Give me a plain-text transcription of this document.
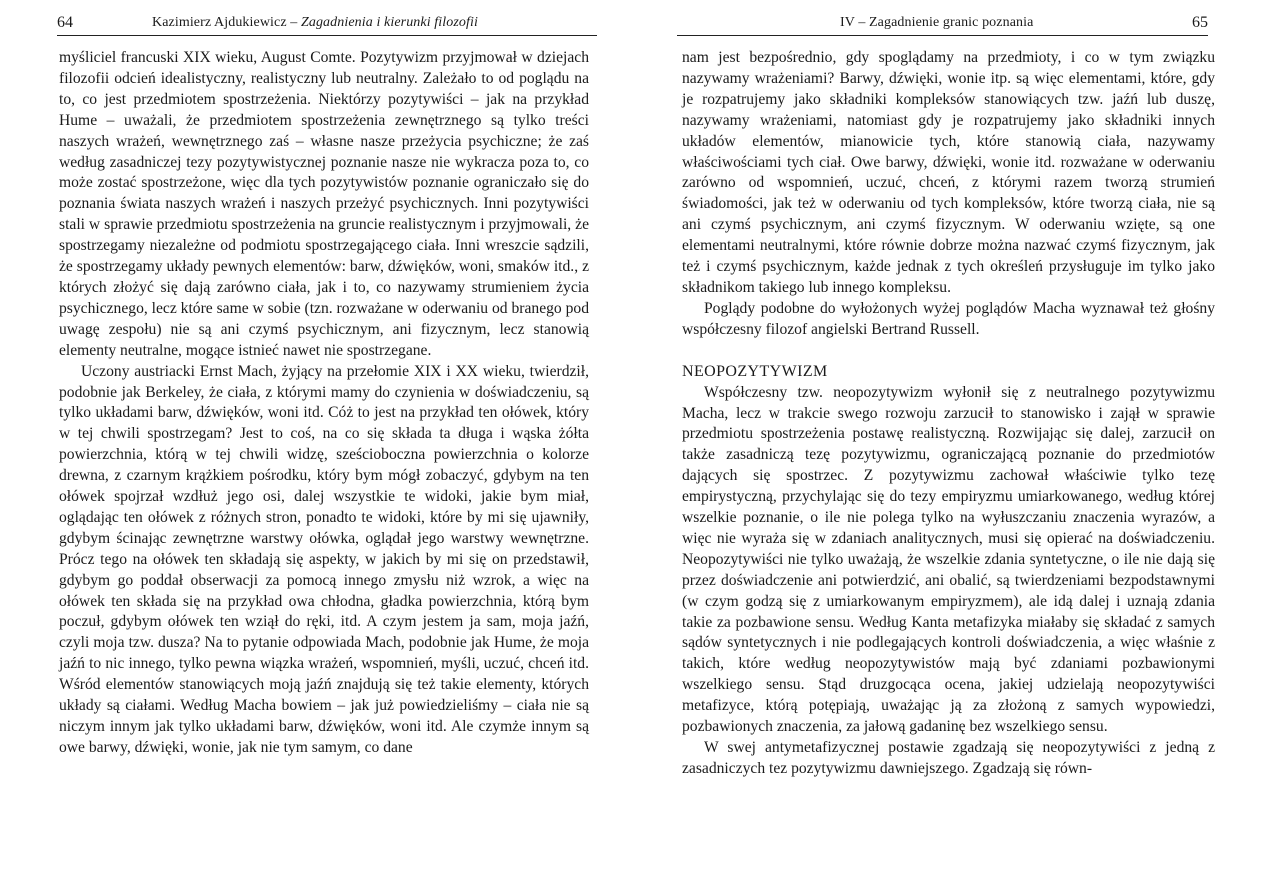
64	Kazimierz Ajdukiewicz – Zagadnienia i kierunki filozofii

myśliciel francuski XIX wieku, August Comte. Pozytywizm przyjmował w dziejach filozofii odcień idealistyczny, realistyczny lub neutralny. Zależało to od poglądu na to, co jest przedmiotem spostrzeżenia. Niektórzy pozytywiści – jak na przykład Hume – uważali, że przedmiotem spostrzeżenia zewnętrznego są tylko treści naszych wrażeń, wewnętrznego zaś – własne nasze przeżycia psychiczne; że zaś według zasadniczej tezy pozytywistycznej poznanie nasze nie wykracza poza to, co może zostać spostrzeżone, więc dla tych pozytywistów poznanie ograniczało się do poznania świata naszych wrażeń i naszych przeżyć psychicznych. Inni pozytywiści stali w sprawie przedmiotu spostrzeżenia na gruncie realistycznym i przyjmowali, że spostrzegamy niezależne od podmiotu spostrzegającego ciała. Inni wreszcie sądzili, że spostrzegamy układy pewnych elementów: barw, dźwięków, woni, smaków itd., z których złożyć się dają zarówno ciała, jak i to, co nazywamy strumieniem życia psychicznego, lecz które same w sobie (tzn. rozważane w oderwaniu od branego pod uwagę zespołu) nie są ani czymś psychicznym, ani fizycznym, lecz stanowią elementy neutralne, mogące istnieć nawet nie spostrzegane.

Uczony austriacki Ernst Mach, żyjący na przełomie XIX i XX wieku, twierdził, podobnie jak Berkeley, że ciała, z którymi mamy do czynienia w doświadczeniu, są tylko układami barw, dźwięków, woni itd. Cóż to jest na przykład ten ołówek, który w tej chwili spostrzegam? Jest to coś, na co się składa ta długa i wąska żółta powierzchnia, którą w tej chwili widzę, sześcioboczna powierzchnia o kolorze drewna, z czarnym krążkiem pośrodku, który bym mógł zobaczyć, gdybym na ten ołówek spojrzał wzdłuż jego osi, dalej wszystkie te widoki, jakie bym miał, oglądając ten ołówek z różnych stron, ponadto te widoki, które by mi się ujawniły, gdybym ścinając zewnętrzne warstwy ołówka, oglądał jego warstwy wewnętrzne. Prócz tego na ołówek ten składają się aspekty, w jakich by mi się on przedstawił, gdybym go poddał obserwacji za pomocą innego zmysłu niż wzrok, a więc na ołówek ten składa się na przykład owa chłodna, gładka powierzchnia, którą bym poczuł, gdybym ołówek ten wziął do ręki, itd. A czym jestem ja sam, moja jaźń, czyli moja tzw. dusza? Na to pytanie odpowiada Mach, podobnie jak Hume, że moja jaźń to nic innego, tylko pewna wiązka wrażeń, wspomnień, myśli, uczuć, chceń itd. Wśród elementów stanowiących moją jaźń znajdują się też takie elementy, których układy są ciałami. Według Macha bowiem – jak już powiedzieliśmy – ciała nie są niczym innym jak tylko układami barw, dźwięków, woni itd. Ale czymże innym są owe barwy, dźwięki, wonie, jak nie tym samym, co dane

IV – Zagadnienie granic poznania	65

nam jest bezpośrednio, gdy spoglądamy na przedmioty, i co w tym związku nazywamy wrażeniami? Barwy, dźwięki, wonie itp. są więc elementami, które, gdy je rozpatrujemy jako składniki kompleksów stanowiących tzw. jaźń lub duszę, nazywamy wrażeniami, natomiast gdy je rozpatrujemy jako składniki innych układów elementów, mianowicie tych, które stanowią ciała, nazywamy właściwościami tych ciał. Owe barwy, dźwięki, wonie itd. rozważane w oderwaniu zarówno od wspomnień, uczuć, chceń, z którymi razem tworzą strumień świadomości, jak też w oderwaniu od tych kompleksów, które tworzą ciała, nie są ani czymś psychicznym, ani czymś fizycznym. W oderwaniu wzięte, są one elementami neutralnymi, które równie dobrze można nazwać czymś fizycznym, jak też i czymś psychicznym, każde jednak z tych określeń przysługuje im tylko jako składnikom takiego lub innego kompleksu.

Poglądy podobne do wyłożonych wyżej poglądów Macha wyznawał też głośny współczesny filozof angielski Bertrand Russell.

NEOPOZYTYWIZM

Współczesny tzw. neopozytywizm wyłonił się z neutralnego pozytywizmu Macha, lecz w trakcie swego rozwoju zarzucił to stanowisko i zajął w sprawie przedmiotu spostrzeżenia postawę realistyczną. Rozwijając się dalej, zarzucił on także zasadniczą tezę pozytywizmu, ograniczającą poznanie do przedmiotów dających się spostrzec. Z pozytywizmu zachował właściwie tylko tezę empirystyczną, przychylając się do tezy empiryzmu umiarkowanego, według której wszelkie poznanie, o ile nie polega tylko na wyłuszczaniu znaczenia wyrazów, a więc nie wyraża się w zdaniach analitycznych, musi się opierać na doświadczeniu. Neopozytywiści nie tylko uważają, że wszelkie zdania syntetyczne, o ile nie dają się przez doświadczenie ani potwierdzić, ani obalić, są twierdzeniami bezpodstawnymi (w czym godzą się z umiarkowanym empiryzmem), ale idą dalej i uznają zdania takie za pozbawione sensu. Według Kanta metafizyka miałaby się składać z samych sądów syntetycznych i nie podlegających kontroli doświadczenia, a więc właśnie z takich, które według neopozytywistów mają być zdaniami pozbawionymi wszelkiego sensu. Stąd druzgocąca ocena, jakiej udzielają neopozytywiści metafizyce, którą potępiają, uważając ją za złożoną z samych wypowiedzi, pozbawionych znaczenia, za jałową gadaninę bez wszelkiego sensu.

W swej antymetafizycznej postawie zgadzają się neopozytywiści z jedną z zasadniczych tez pozytywizmu dawniejszego. Zgadzają się równ-
